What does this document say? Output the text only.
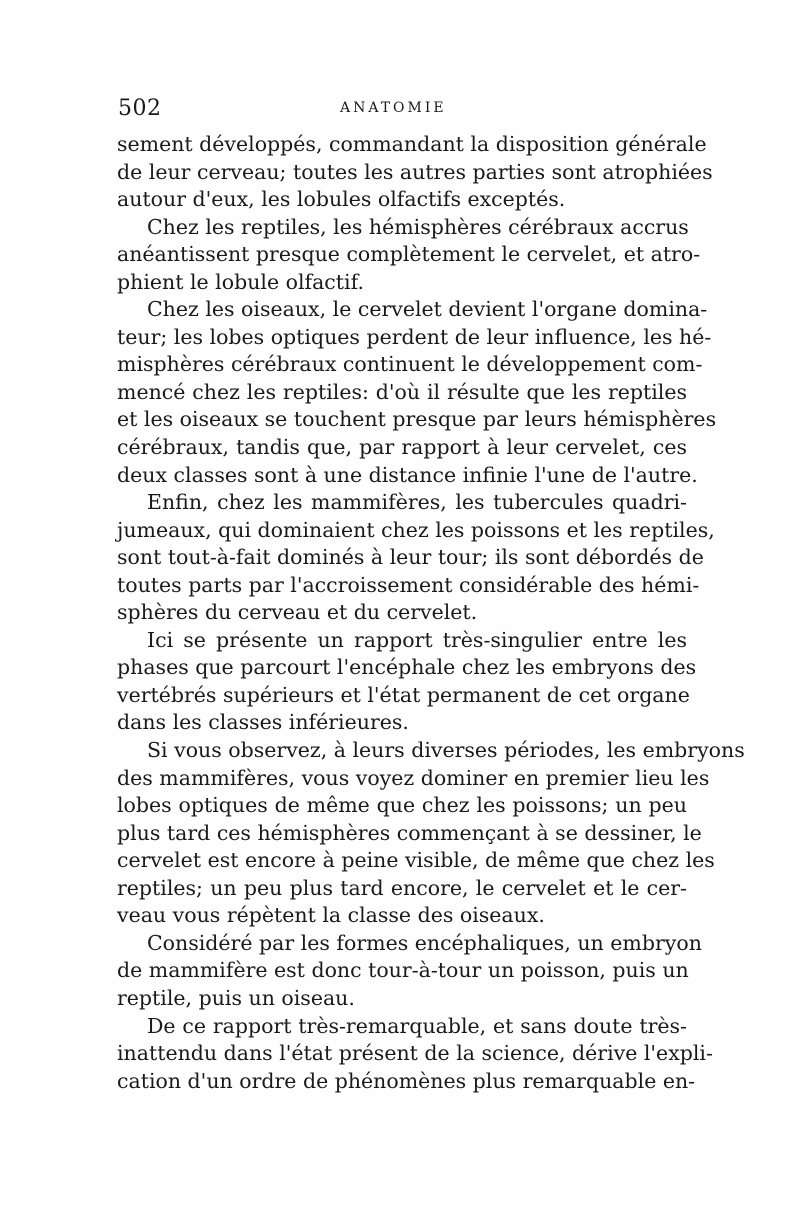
502	ANATOMIE
sement développés, commandant la disposition générale
de leur cerveau; toutes les autres parties sont atrophiées
autour d'eux, les lobules olfactifs exceptés.
Chez les reptiles, les hémisphères cérébraux accrus
anéantissent presque complètement le cervelet, et atro-
phient le lobule olfactif.
Chez les oiseaux, le cervelet devient l'organe domina-
teur; les lobes optiques perdent de leur influence, les hé-
misphères cérébraux continuent le développement com-
mencé chez les reptiles: d'où il résulte que les reptiles
et les oiseaux se touchent presque par leurs hémisphères
cérébraux, tandis que, par rapport à leur cervelet, ces
deux classes sont à une distance infinie l'une de l'autre.
Enfin, chez les mammifères, les tubercules quadri-
jumeaux, qui dominaient chez les poissons et les reptiles,
sont tout-à-fait dominés à leur tour; ils sont débordés de
toutes parts par l'accroissement considérable des hémi-
sphères du cerveau et du cervelet.
Ici se présente un rapport très-singulier entre les
phases que parcourt l'encéphale chez les embryons des
vertébrés supérieurs et l'état permanent de cet organe
dans les classes inférieures.
Si vous observez, à leurs diverses périodes, les embryons
des mammifères, vous voyez dominer en premier lieu les
lobes optiques de même que chez les poissons; un peu
plus tard ces hémisphères commençant à se dessiner, le
cervelet est encore à peine visible, de même que chez les
reptiles; un peu plus tard encore, le cervelet et le cer-
veau vous répètent la classe des oiseaux.
Considéré par les formes encéphaliques, un embryon
de mammifère est donc tour-à-tour un poisson, puis un
reptile, puis un oiseau.
De ce rapport très-remarquable, et sans doute très-
inattendu dans l'état présent de la science, dérive l'expli-
cation d'un ordre de phénomènes plus remarquable en-
